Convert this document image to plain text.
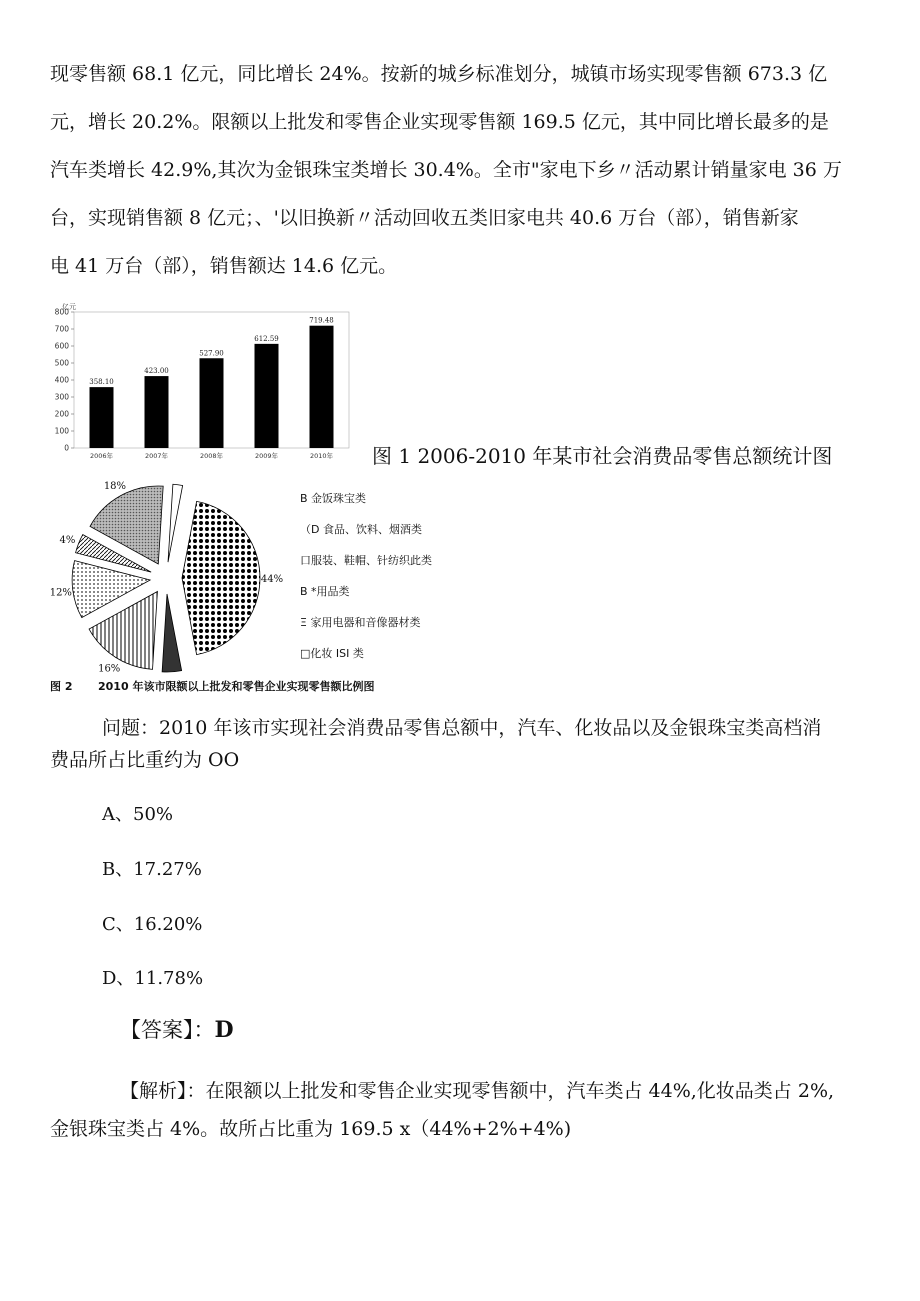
现零售额 68.1 亿元，同比增长 24%。按新的城乡标准划分，城镇市场实现零售额 673.3 亿
元，增长 20.2%。限额以上批发和零售企业实现零售额 169.5 亿元，其中同比增长最多的是
汽车类增长 42.9%,其次为金银珠宝类增长 30.4%。全市"家电下乡〃活动累计销量家电 36 万
台，实现销售额 8 亿元；、'以旧换新〃活动回收五类旧家电共 40.6 万台（部），销售新家
电 41 万台（部），销售额达 14.6 亿元。
亿元
0
100
200
300
400
500
600
700
800
358.10
2006年
423.00
2007年
527.90
2008年
612.59
2009年
719.48
2010年 图 1 2006-2010 年某市社会消费品零售总额统计图
44%
16%
12%
4%
18%
B 金饭珠宝类
（D 食品、饮料、烟酒类
口服装、鞋帽、针纺织此类
B *用品类
Ξ 家用电器和音像器材类
□化妆 ISI 类
图 2 2010 年该市限额以上批发和零售企业实现零售额比例图
问题：2010 年该市实现社会消费品零售总额中，汽车、化妆品以及金银珠宝类高档消
费品所占比重约为 OO
A、50%
B、17.27%
C、16.20%
D、11.78%
【答案】：D
【解析】：在限额以上批发和零售企业实现零售额中，汽车类占 44%,化妆品类占 2%,
金银珠宝类占 4%。故所占比重为 169.5 x（44%+2%+4%)
